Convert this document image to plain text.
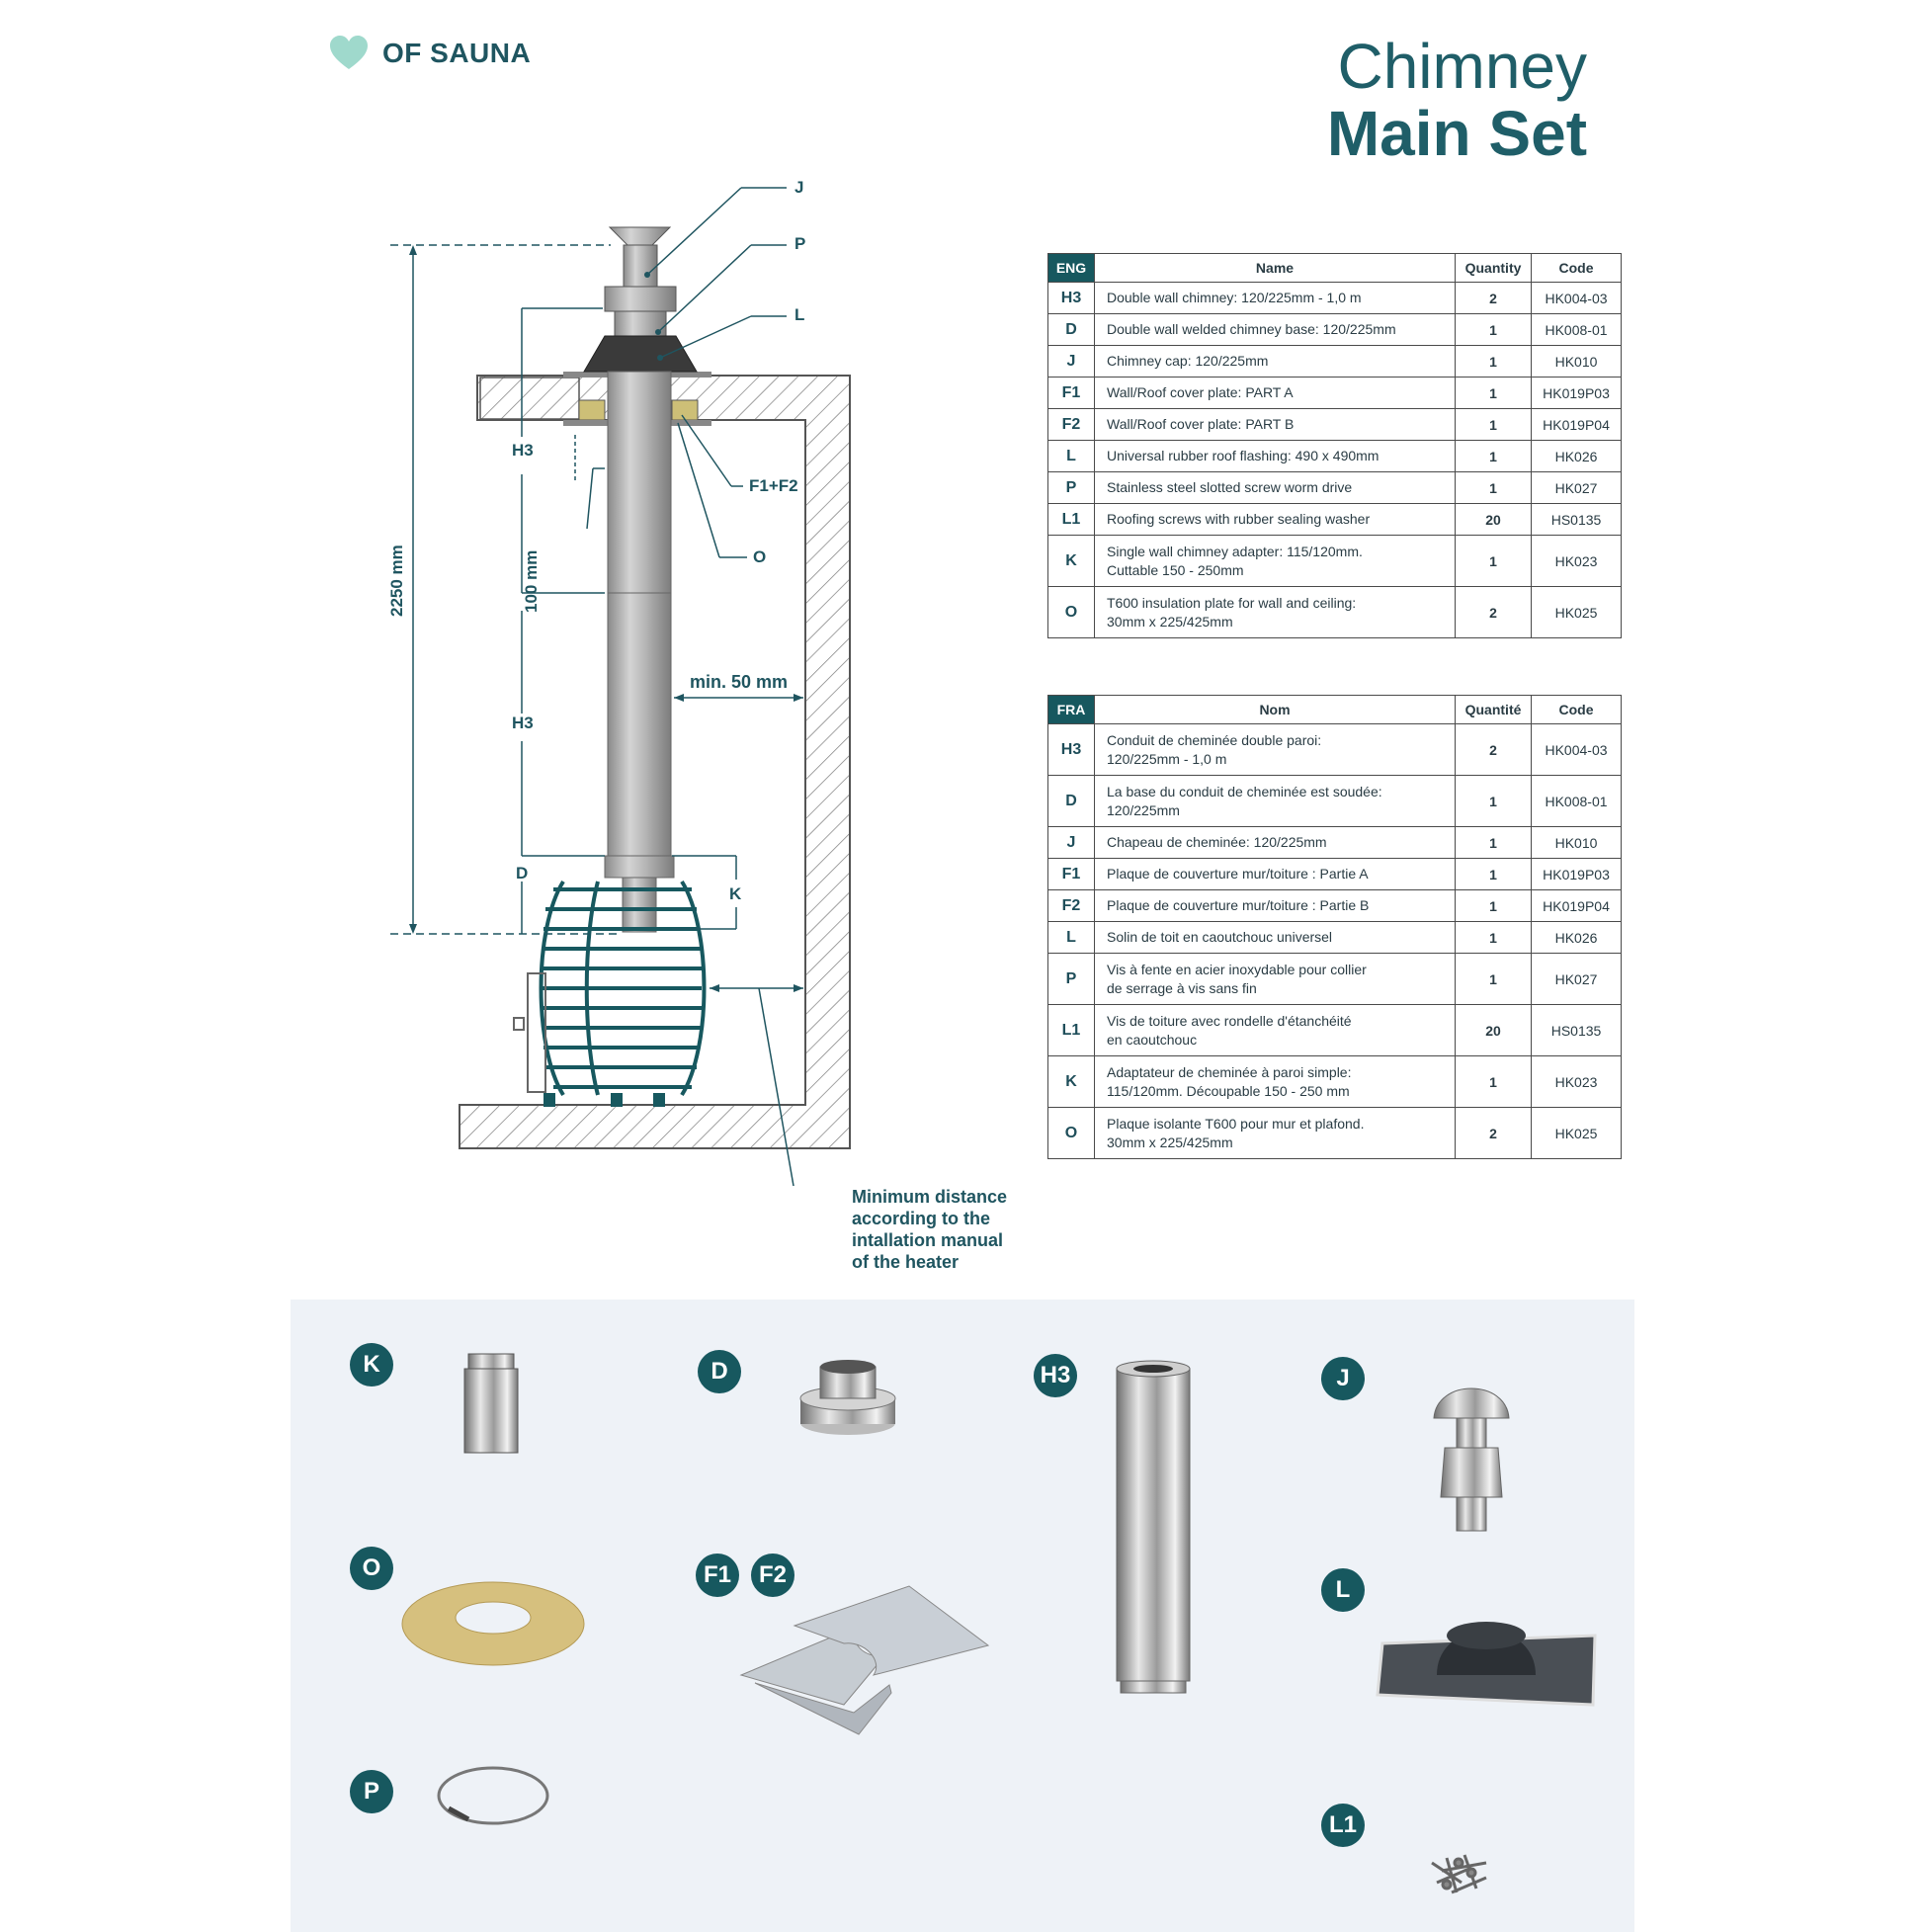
OF SAUNA	Chimney
Main Set
J
P
L
F1+F2
O
H3
H3
D
K
100 mm
2250 mm
min. 50 mm
Minimum distance
according to the
intallation manual
of the heater
ENG	Name	Quantity	Code
H3	Double wall chimney: 120/225mm - 1,0 m	2	HK004-03
D	Double wall welded chimney base: 120/225mm	1	HK008-01
J	Chimney cap: 120/225mm	1	HK010
F1	Wall/Roof cover plate: PART A	1	HK019P03
F2	Wall/Roof cover plate: PART B	1	HK019P04
L	Universal rubber roof flashing: 490 x 490mm	1	HK026
P	Stainless steel slotted screw worm drive	1	HK027
L1	Roofing screws with rubber sealing washer	20	HS0135
K	Single wall chimney adapter: 115/120mm.
Cuttable 150 - 250mm	1	HK023
O	T600 insulation plate for wall and ceiling:
30mm x 225/425mm	2	HK025
FRA	Nom	Quantité	Code
H3	Conduit de cheminée double paroi:
120/225mm - 1,0 m	2	HK004-03
D	La base du conduit de cheminée est soudée:
120/225mm	1	HK008-01
J	Chapeau de cheminée: 120/225mm	1	HK010
F1	Plaque de couverture mur/toiture : Partie A	1	HK019P03
F2	Plaque de couverture mur/toiture : Partie B	1	HK019P04
L	Solin de toit en caoutchouc universel	1	HK026
P	Vis à fente en acier inoxydable pour collier
de serrage à vis sans fin	1	HK027
L1	Vis de toiture avec rondelle d'étanchéité
en caoutchouc	20	HS0135
K	Adaptateur de cheminée à paroi simple:
115/120mm. Découpable 150 - 250 mm	1	HK023
O	Plaque isolante T600 pour mur et plafond.
30mm x 225/425mm	2	HK025
K	D	H3	J
O	F1	F2
L
P
L1
